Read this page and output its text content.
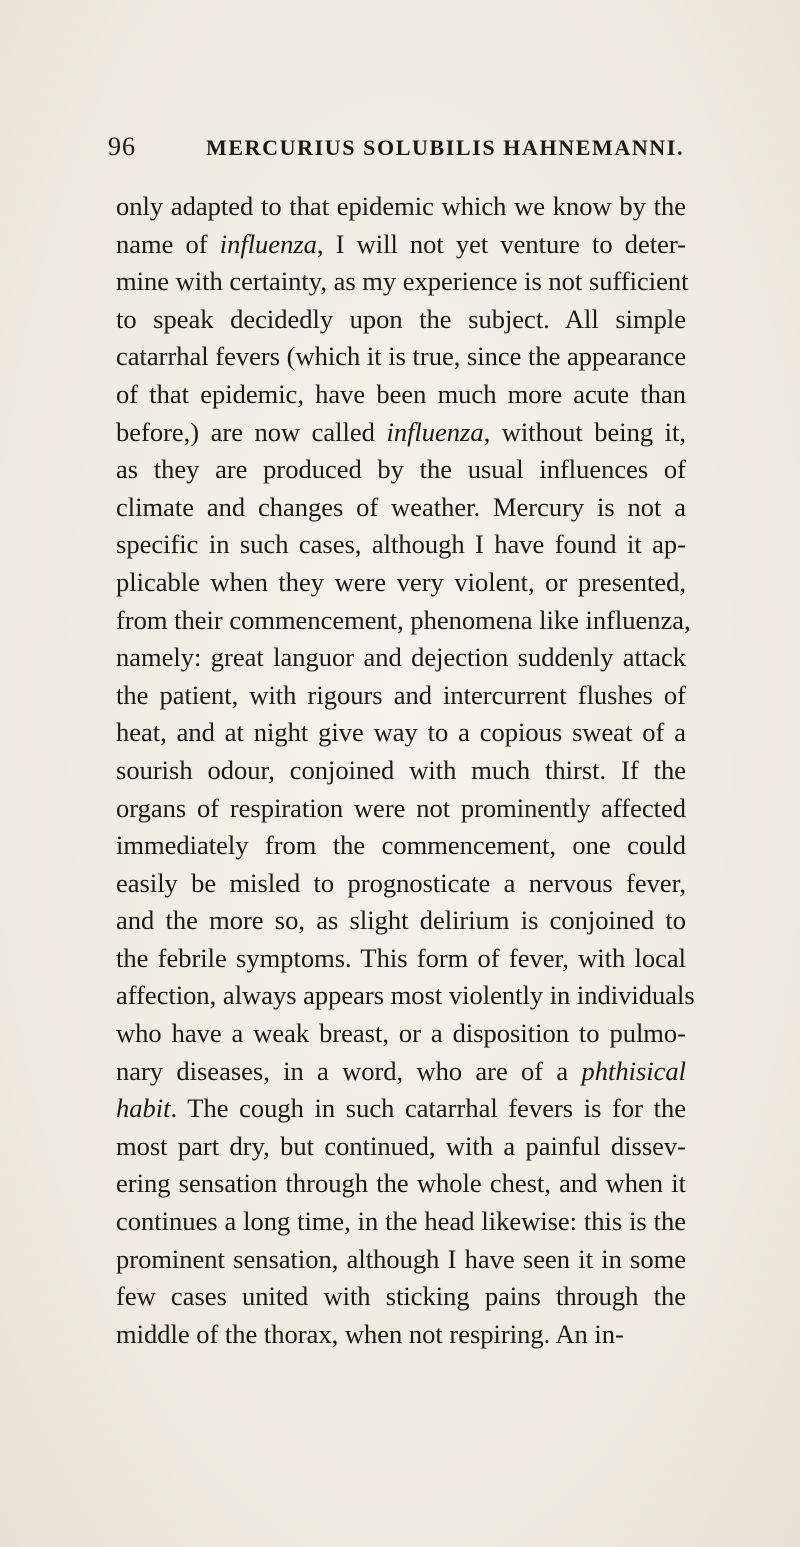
96	MERCURIUS SOLUBILIS HAHNEMANNI.
only adapted to that epidemic which we know by the
name of influenza, I will not yet venture to deter-
mine with certainty, as my experience is not sufficient
to speak decidedly upon the subject. All simple
catarrhal fevers (which it is true, since the appearance
of that epidemic, have been much more acute than
before,) are now called influenza, without being it,
as they are produced by the usual influences of
climate and changes of weather. Mercury is not a
specific in such cases, although I have found it ap-
plicable when they were very violent, or presented,
from their commencement, phenomena like influenza,
namely: great languor and dejection suddenly attack
the patient, with rigours and intercurrent flushes of
heat, and at night give way to a copious sweat of a
sourish odour, conjoined with much thirst. If the
organs of respiration were not prominently affected
immediately from the commencement, one could
easily be misled to prognosticate a nervous fever,
and the more so, as slight delirium is conjoined to
the febrile symptoms. This form of fever, with local
affection, always appears most violently in individuals
who have a weak breast, or a disposition to pulmo-
nary diseases, in a word, who are of a phthisical
habit. The cough in such catarrhal fevers is for the
most part dry, but continued, with a painful dissev-
ering sensation through the whole chest, and when it
continues a long time, in the head likewise: this is the
prominent sensation, although I have seen it in some
few cases united with sticking pains through the
middle of the thorax, when not respiring. An in-
